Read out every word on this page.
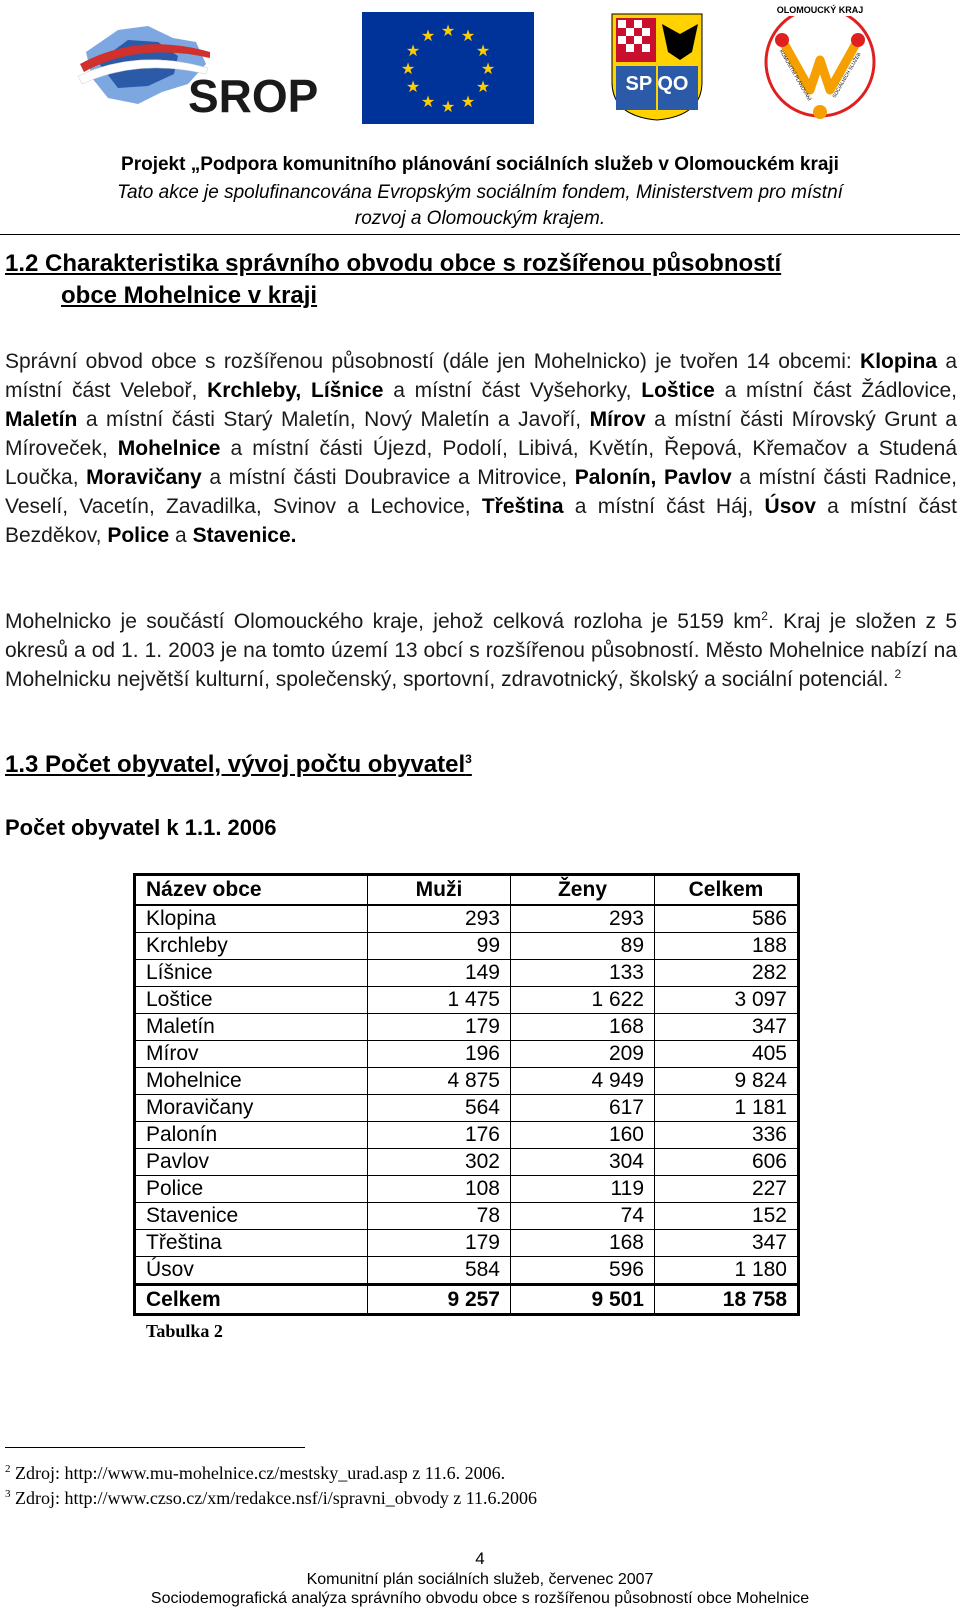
SROP
★ ★
★
★
★
★
★
★
★
★
★
★
SP QO
OLOMOUCKÝ KRAJ
KOMUNITNÍ PLÁNOVÁNÍ	SOCIÁLNÍCH SLUŽEB
Projekt „Podpora komunitního plánování sociálních služeb v Olomouckém kraji
Tato akce je spolufinancována Evropským sociálním fondem, Ministerstvem pro místní
rozvoj a Olomouckým krajem.
1.2 Charakteristika správního obvodu obce s rozšířenou působností
obce Mohelnice v kraji
Správní obvod obce s rozšířenou působností (dále jen Mohelnicko) je tvořen 14 obcemi: Klopina a místní část Veleboř, Krchleby, Líšnice a místní část Vyšehorky, Loštice a místní část Žádlovice, Maletín a místní části Starý Maletín, Nový Maletín a Javoří, Mírov a místní části Mírovský Grunt a Míroveček, Mohelnice a místní části Újezd, Podolí, Libivá, Květín, Řepová, Křemačov a Studená Loučka, Moravičany a místní části Doubravice a Mitrovice, Palonín, Pavlov a místní části Radnice, Veselí, Vacetín, Zavadilka, Svinov a Lechovice, Třeština a místní část Háj, Úsov a místní část Bezděkov, Police a Stavenice.
Mohelnicko je součástí Olomouckého kraje, jehož celková rozloha je 5159 $km^2$. Kraj je složen z 5 okresů a od 1. 1. 2003 je na tomto území 13 obcí s rozšířenou působností. Město Mohelnice nabízí na Mohelnicku největší kulturní, společenský, sportovní, zdravotnický, školský a sociální potenciál. $^2$
1.3 Počet obyvatel, vývoj počtu obyvatel$^3$
Počet obyvatel k 1.1. 2006
Název obce	Muži	Ženy	Celkem
Klopina	293	293	586
Krchleby	99	89	188
Líšnice	149	133	282
Loštice	1 475	1 622	3 097
Maletín	179	168	347
Mírov	196	209	405
Mohelnice	4 875	4 949	9 824
Moravičany	564	617	1 181
Palonín	176	160	336
Pavlov	302	304	606
Police	108	119	227
Stavenice	78	74	152
Třeština	179	168	347
Úsov	584	596	1 180
Celkem	9 257	9 501	18 758
Tabulka 2
$^2$ Zdroj: http://www.mu-mohelnice.cz/mestsky_urad.asp z 11.6. 2006.
$^3$ Zdroj: http://www.czso.cz/xm/redakce.nsf/i/spravni_obvody z 11.6.2006
4
Komunitní plán sociálních služeb, červenec 2007
Sociodemografická analýza správního obvodu obce s rozšířenou působností obce Mohelnice
